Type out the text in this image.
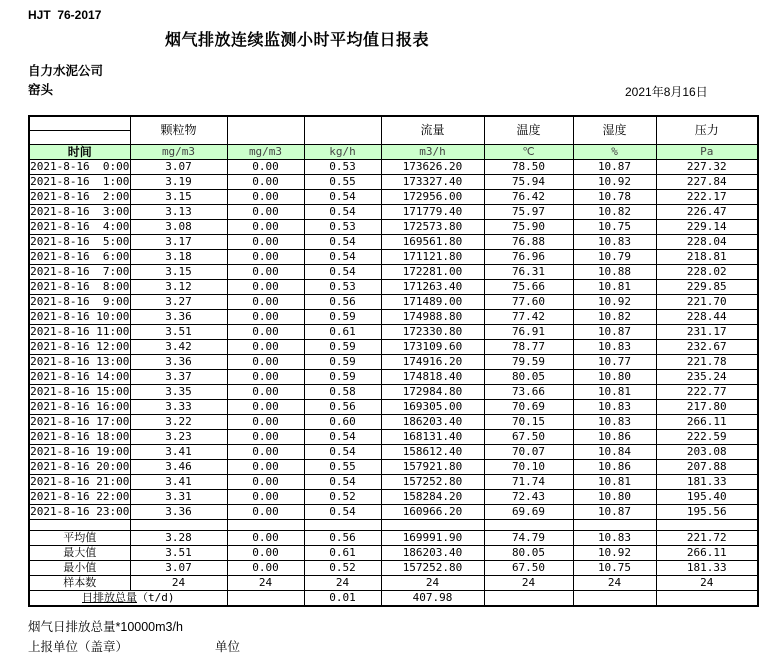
HJT  76-2017
烟气排放连续监测小时平均值日报表
自力水泥公司
窑头	2021年8月16日
	颗粒物			流量	温度	湿度	压力
时间	mg/m3	mg/m3	kg/h	m3/h	℃	%	Pa
2021-8-16  0:00	3.07	0.00	0.53	173626.20	78.50	10.87	227.32
2021-8-16  1:00	3.19	0.00	0.55	173327.40	75.94	10.92	227.84
2021-8-16  2:00	3.15	0.00	0.54	172956.00	76.42	10.78	222.17
2021-8-16  3:00	3.13	0.00	0.54	171779.40	75.97	10.82	226.47
2021-8-16  4:00	3.08	0.00	0.53	172573.80	75.90	10.75	229.14
2021-8-16  5:00	3.17	0.00	0.54	169561.80	76.88	10.83	228.04
2021-8-16  6:00	3.18	0.00	0.54	171121.80	76.96	10.79	218.81
2021-8-16  7:00	3.15	0.00	0.54	172281.00	76.31	10.88	228.02
2021-8-16  8:00	3.12	0.00	0.53	171263.40	75.66	10.81	229.85
2021-8-16  9:00	3.27	0.00	0.56	171489.00	77.60	10.92	221.70
2021-8-16 10:00	3.36	0.00	0.59	174988.80	77.42	10.82	228.44
2021-8-16 11:00	3.51	0.00	0.61	172330.80	76.91	10.87	231.17
2021-8-16 12:00	3.42	0.00	0.59	173109.60	78.77	10.83	232.67
2021-8-16 13:00	3.36	0.00	0.59	174916.20	79.59	10.77	221.78
2021-8-16 14:00	3.37	0.00	0.59	174818.40	80.05	10.80	235.24
2021-8-16 15:00	3.35	0.00	0.58	172984.80	73.66	10.81	222.77
2021-8-16 16:00	3.33	0.00	0.56	169305.00	70.69	10.83	217.80
2021-8-16 17:00	3.22	0.00	0.60	186203.40	70.15	10.83	266.11
2021-8-16 18:00	3.23	0.00	0.54	168131.40	67.50	10.86	222.59
2021-8-16 19:00	3.41	0.00	0.54	158612.40	70.07	10.84	203.08
2021-8-16 20:00	3.46	0.00	0.55	157921.80	70.10	10.86	207.88
2021-8-16 21:00	3.41	0.00	0.54	157252.80	71.74	10.81	181.33
2021-8-16 22:00	3.31	0.00	0.52	158284.20	72.43	10.80	195.40
2021-8-16 23:00	3.36	0.00	0.54	160966.20	69.69	10.87	195.56

平均值	3.28	0.00	0.56	169991.90	74.79	10.83	221.72
最大值	3.51	0.00	0.61	186203.40	80.05	10.92	266.11
最小值	3.07	0.00	0.52	157252.80	67.50	10.75	181.33
样本数	24	24	24	24	24	24	24
日排放总量（t/d)			0.01	407.98			
烟气日排放总量*10000m3/h
上报单位（盖章）	单位
